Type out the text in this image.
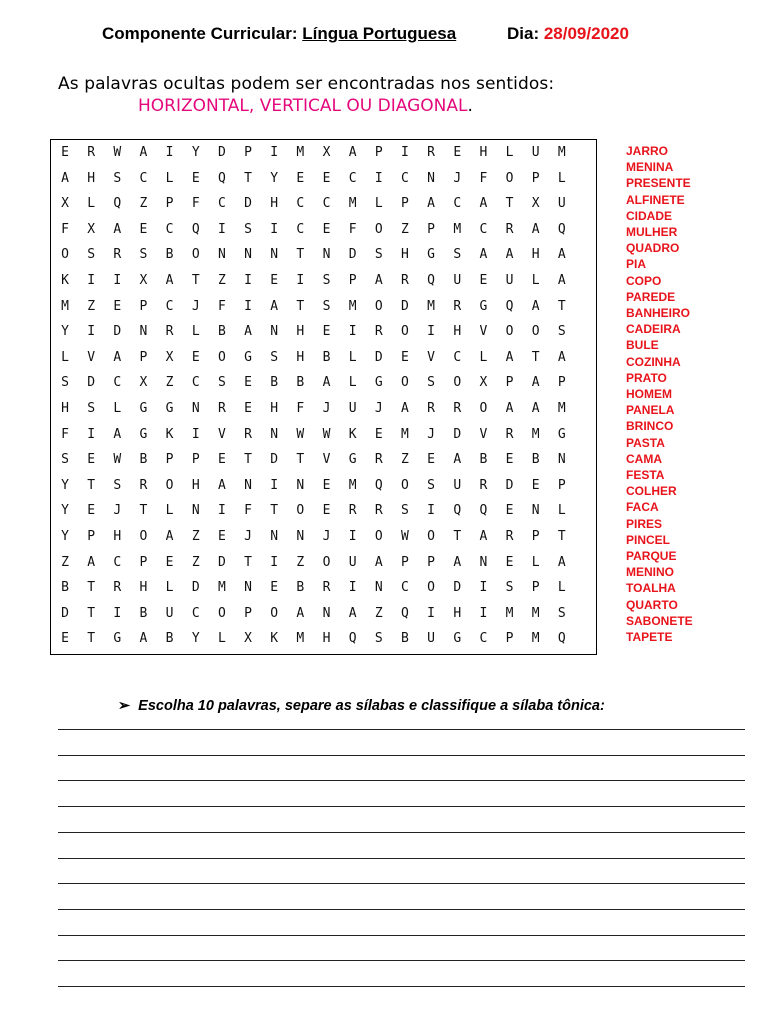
Componente Curricular: Língua Portuguesa	Dia: 28/09/2020
As palavras ocultas podem ser encontradas nos sentidos:
HORIZONTAL, VERTICAL OU DIAGONAL.
E	R	W	A	I	Y	D	P	I	M	X	A	P	I	R	E	H	L	U	M
A	H	S	C	L	E	Q	T	Y	E	E	C	I	C	N	J	F	O	P	L
X	L	Q	Z	P	F	C	D	H	C	C	M	L	P	A	C	A	T	X	U
F	X	A	E	C	Q	I	S	I	C	E	F	O	Z	P	M	C	R	A	Q
O	S	R	S	B	O	N	N	N	T	N	D	S	H	G	S	A	A	H	A
K	I	I	X	A	T	Z	I	E	I	S	P	A	R	Q	U	E	U	L	A
M	Z	E	P	C	J	F	I	A	T	S	M	O	D	M	R	G	Q	A	T
Y	I	D	N	R	L	B	A	N	H	E	I	R	O	I	H	V	O	O	S
L	V	A	P	X	E	O	G	S	H	B	L	D	E	V	C	L	A	T	A
S	D	C	X	Z	C	S	E	B	B	A	L	G	O	S	O	X	P	A	P
H	S	L	G	G	N	R	E	H	F	J	U	J	A	R	R	O	A	A	M
F	I	A	G	K	I	V	R	N	W	W	K	E	M	J	D	V	R	M	G
S	E	W	B	P	P	E	T	D	T	V	G	R	Z	E	A	B	E	B	N
Y	T	S	R	O	H	A	N	I	N	E	M	Q	O	S	U	R	D	E	P
Y	E	J	T	L	N	I	F	T	O	E	R	R	S	I	Q	Q	E	N	L
Y	P	H	O	A	Z	E	J	N	N	J	I	O	W	O	T	A	R	P	T
Z	A	C	P	E	Z	D	T	I	Z	O	U	A	P	P	A	N	E	L	A
B	T	R	H	L	D	M	N	E	B	R	I	N	C	O	D	I	S	P	L
D	T	I	B	U	C	O	P	O	A	N	A	Z	Q	I	H	I	M	M	S
E	T	G	A	B	Y	L	X	K	M	H	Q	S	B	U	G	C	P	M	Q
JARRO
MENINA
PRESENTE
ALFINETE
CIDADE
MULHER
QUADRO
PIA
COPO
PAREDE
BANHEIRO
CADEIRA
BULE
COZINHA
PRATO
HOMEM
PANELA
BRINCO
PASTA
CAMA
FESTA
COLHER
FACA
PIRES
PINCEL
PARQUE
MENINO
TOALHA
QUARTO
SABONETE
TAPETE
➢ Escolha 10 palavras, separe as sílabas e classifique a sílaba tônica:
